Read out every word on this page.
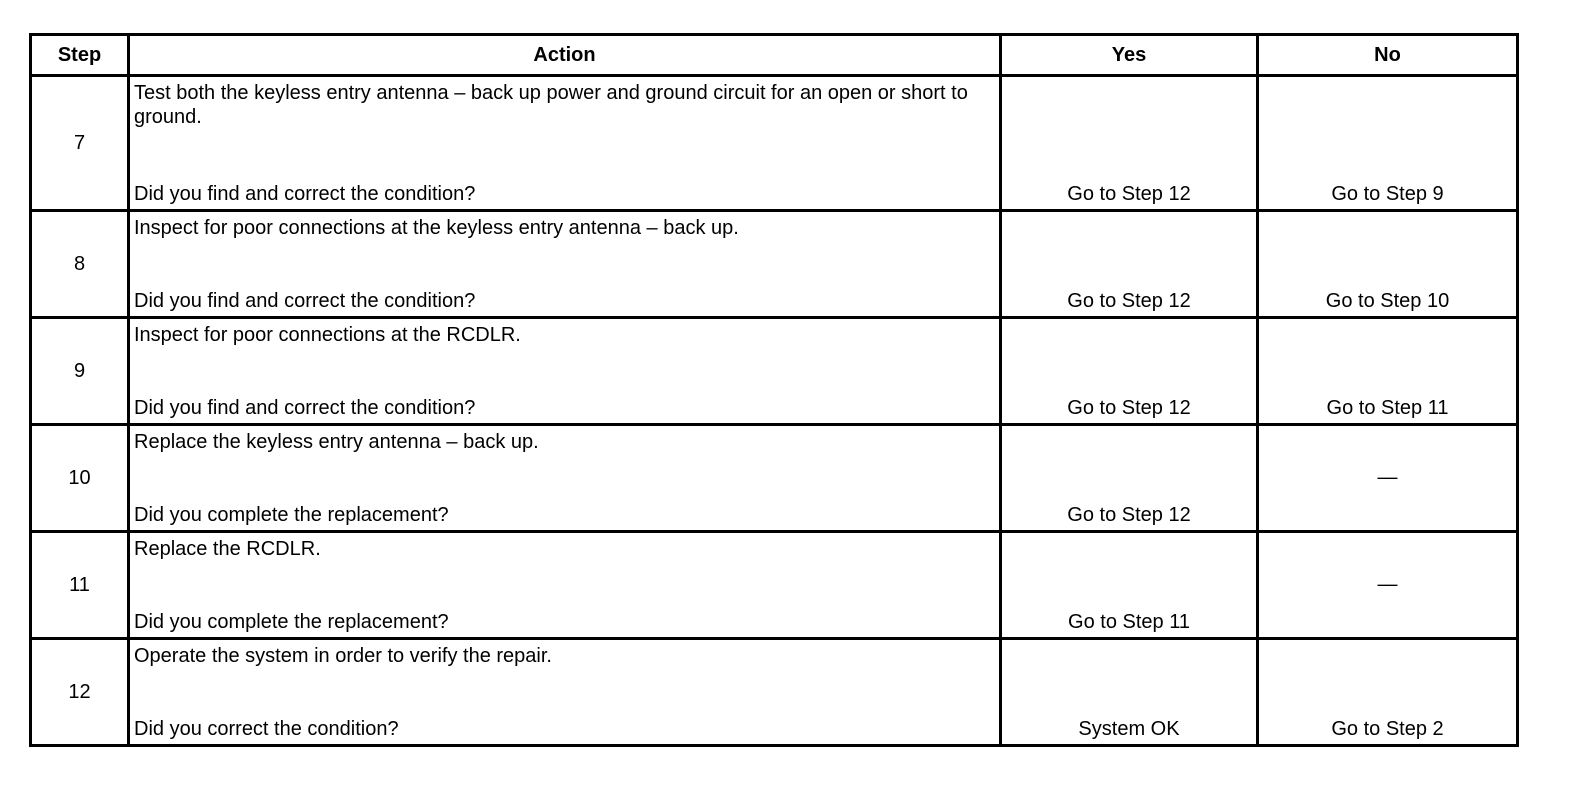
Step	Action	Yes	No
7	Test both the keyless entry antenna – back up power and ground circuit for an open or short to ground.
Did you find and correct the condition?	Go to Step 12	Go to Step 9

8	Inspect for poor connections at the keyless entry antenna – back up.
Did you find and correct the condition?	Go to Step 12	Go to Step 10

9	Inspect for poor connections at the RCDLR.
Did you find and correct the condition?	Go to Step 12	Go to Step 11

10	Replace the keyless entry antenna – back up.
Did you complete the replacement?	Go to Step 12	—

11	Replace the RCDLR.
Did you complete the replacement?	Go to Step 11	—

12	Operate the system in order to verify the repair.
Did you correct the condition?	System OK	Go to Step 2
